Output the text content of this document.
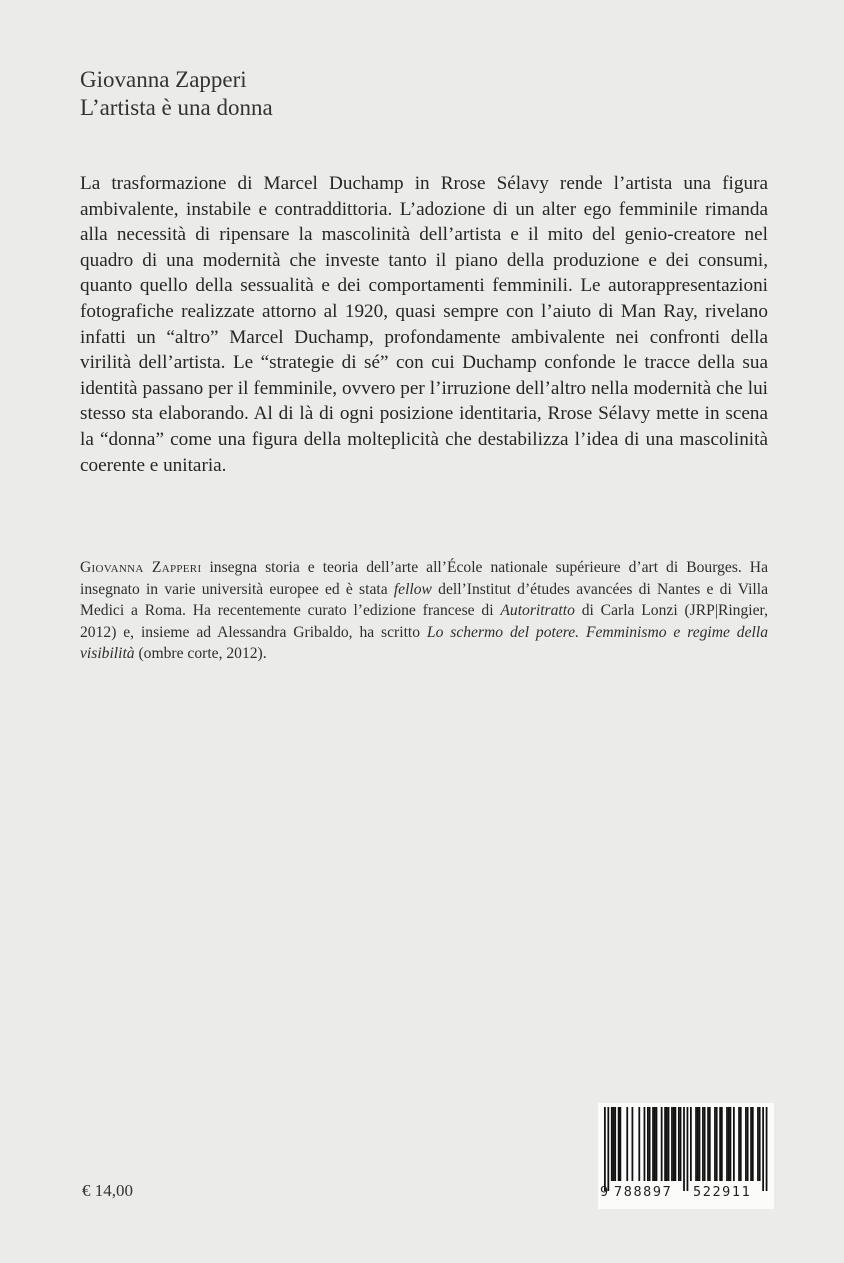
Giovanna Zapperi
L’artista è una donna

La trasformazione di Marcel Duchamp in Rrose Sélavy rende l’artista una figura ambivalente, instabile e contraddittoria. L’adozione di un alter ego femminile rimanda alla necessità di ripensare la mascolinità dell’artista e il mito del genio-creatore nel quadro di una modernità che investe tanto il piano della produzione e dei consumi, quanto quello della sessualità e dei comportamenti femminili. Le autorappresentazioni fotografiche realizzate attorno al 1920, quasi sempre con l’aiuto di Man Ray, rivelano infatti un “altro” Marcel Duchamp, profondamente ambivalente nei confronti della virilità dell’artista. Le “strategie di sé” con cui Duchamp confonde le tracce della sua identità passano per il femminile, ovvero per l’irruzione dell’altro nella modernità che lui stesso sta elaborando. Al di là di ogni posizione identitaria, Rrose Sélavy mette in scena la “donna” come una figura della molteplicità che destabilizza l’idea di una mascolinità coerente e unitaria.

Giovanna Zapperi insegna storia e teoria dell’arte all’École nationale supérieure d’art di Bourges. Ha insegnato in varie università europee ed è stata fellow dell’Institut d’études avancées di Nantes e di Villa Medici a Roma. Ha recentemente curato l’edizione francese di Autoritratto di Carla Lonzi (JRP|Ringier, 2012) e, insieme ad Alessandra Gribaldo, ha scritto Lo schermo del potere. Femminismo e regime della visibilità (ombre corte, 2012).

€ 14,00	9 788897 522911
